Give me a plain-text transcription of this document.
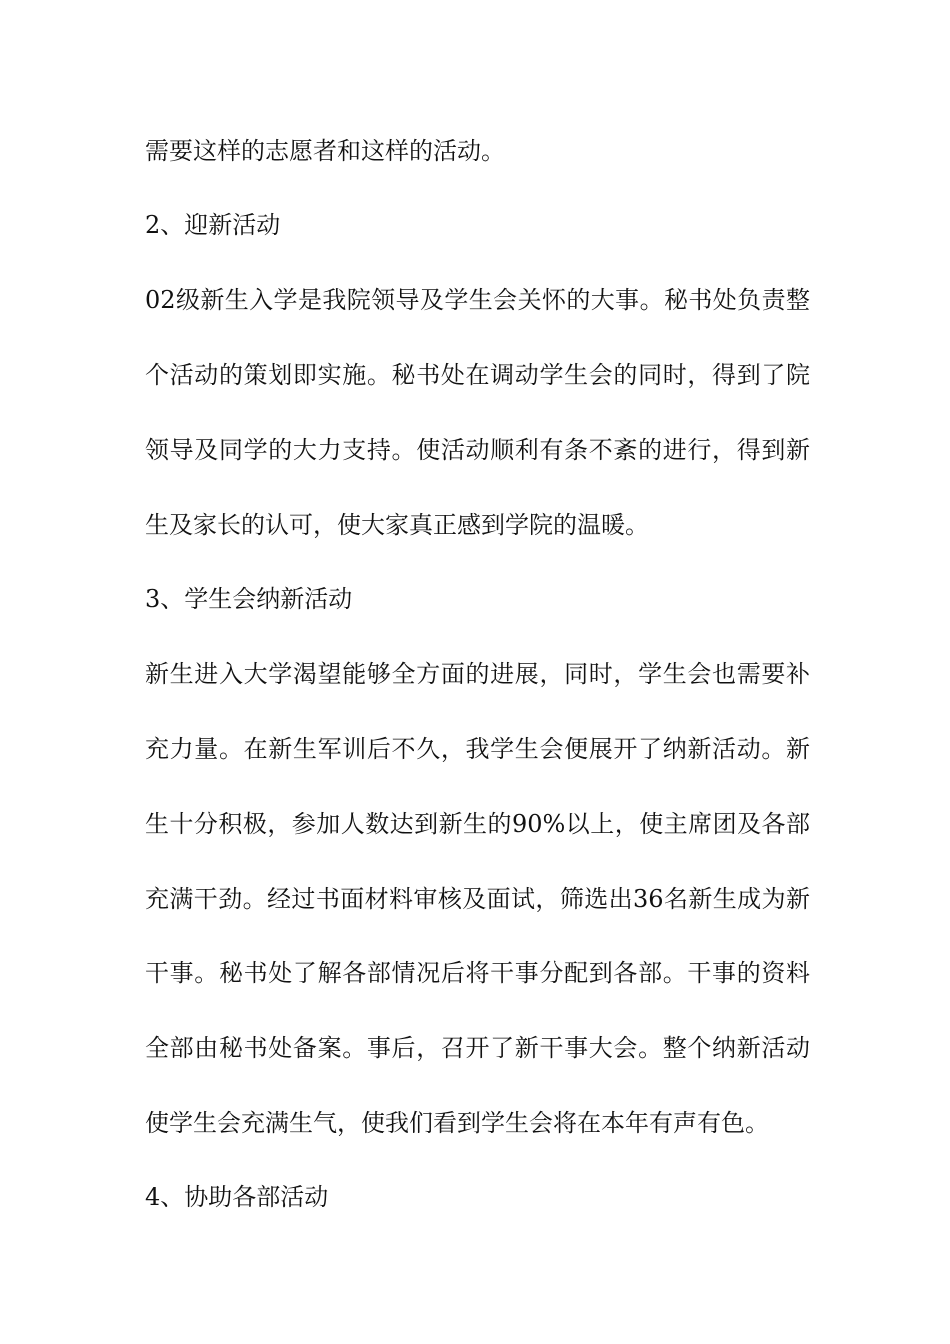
需要这样的志愿者和这样的活动。
2、迎新活动
02级新生入学是我院领导及学生会关怀的大事。秘书处负责整
个活动的策划即实施。秘书处在调动学生会的同时，得到了院
领导及同学的大力支持。使活动顺利有条不紊的进行，得到新
生及家长的认可，使大家真正感到学院的温暖。
3、学生会纳新活动
新生进入大学渴望能够全方面的进展，同时，学生会也需要补
充力量。在新生军训后不久，我学生会便展开了纳新活动。新
生十分积极，参加人数达到新生的90%以上，使主席团及各部
充满干劲。经过书面材料审核及面试，筛选出36名新生成为新
干事。秘书处了解各部情况后将干事分配到各部。干事的资料
全部由秘书处备案。事后，召开了新干事大会。整个纳新活动
使学生会充满生气，使我们看到学生会将在本年有声有色。
4、协助各部活动
